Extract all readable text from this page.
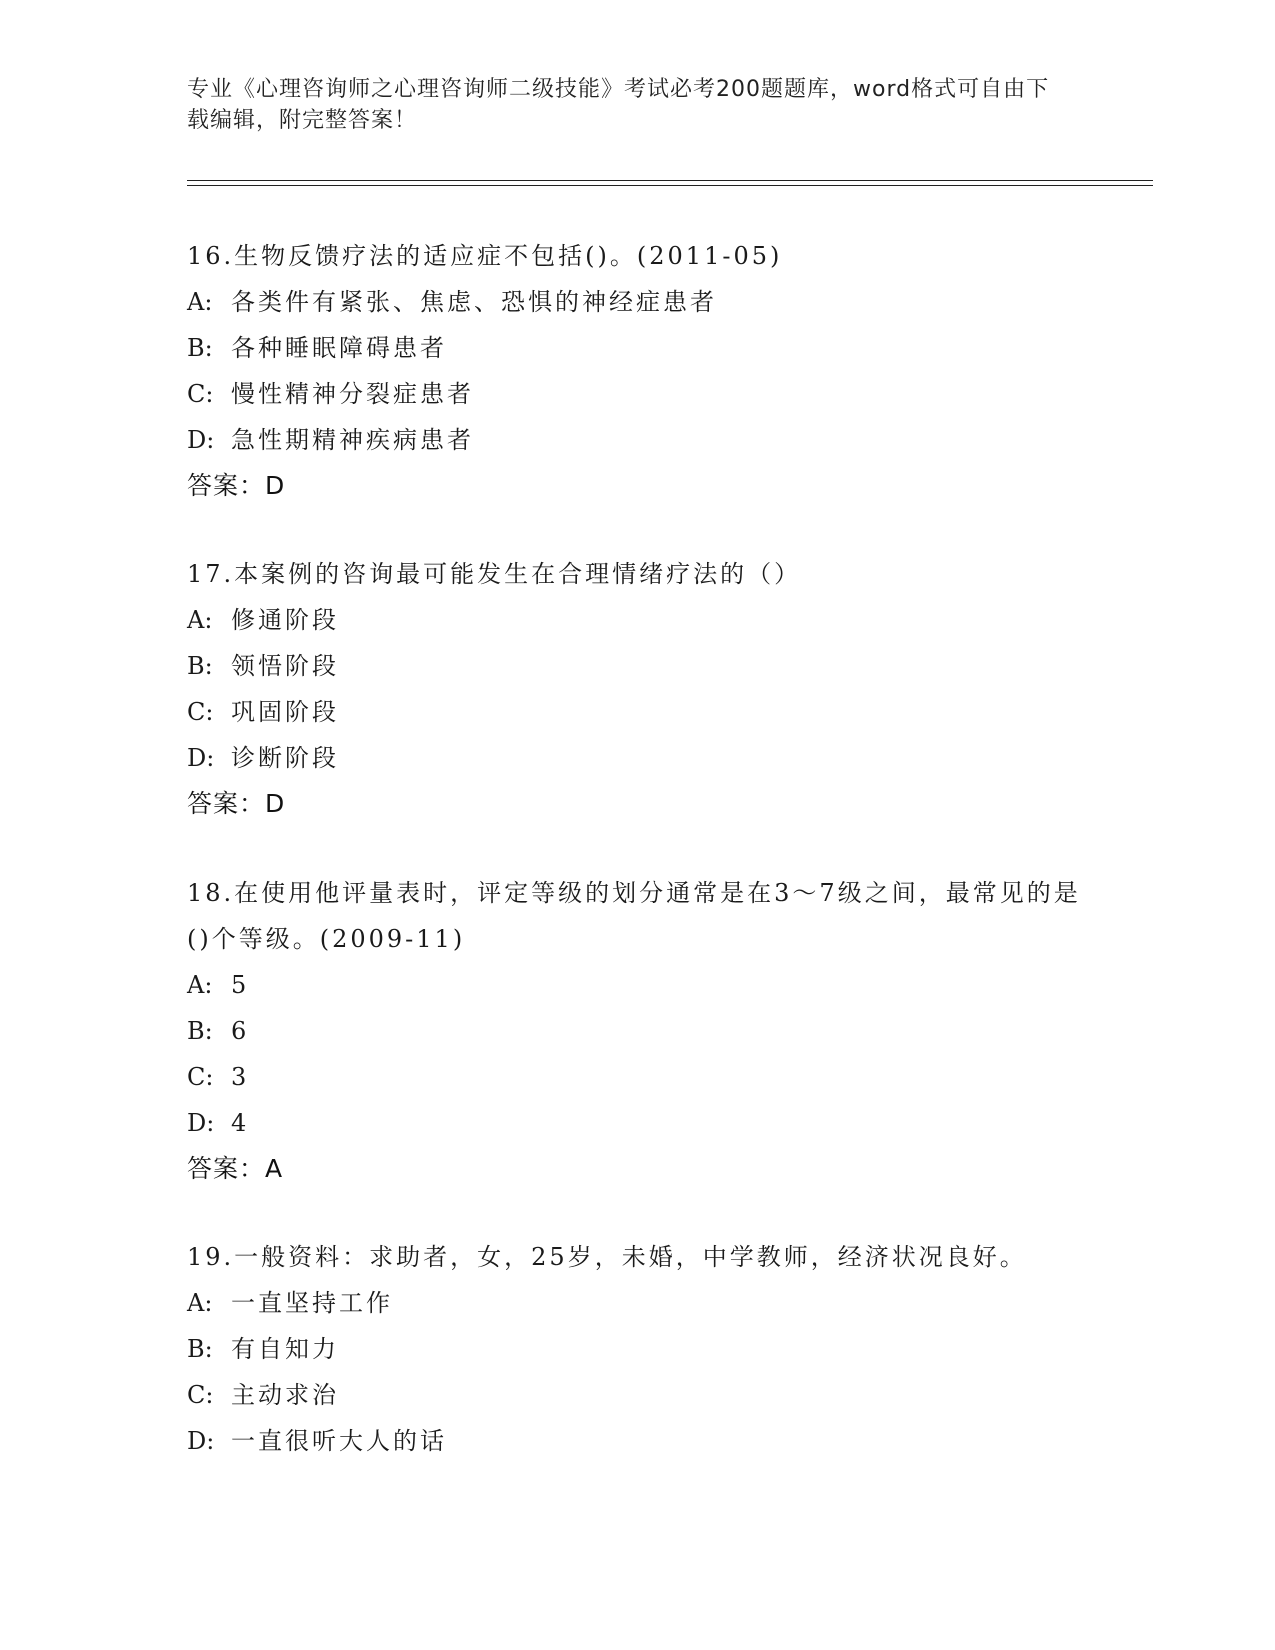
专业《心理咨询师之心理咨询师二级技能》考试必考200题题库，word格式可自由下载编辑，附完整答案！

16.生物反馈疗法的适应症不包括()。(2011-05)

A: 各类件有紧张、焦虑、恐惧的神经症患者

B: 各种睡眠障碍患者

C: 慢性精神分裂症患者

D: 急性期精神疾病患者

答案：D

17.本案例的咨询最可能发生在合理情绪疗法的（）

A: 修通阶段

B: 领悟阶段

C: 巩固阶段

D: 诊断阶段

答案：D

18.在使用他评量表时，评定等级的划分通常是在3～7级之间，最常见的是()个等级。(2009-11)

A: 5

B: 6

C: 3

D: 4

答案：A

19.一般资料：求助者，女，25岁，未婚，中学教师，经济状况良好。

A: 一直坚持工作

B: 有自知力

C: 主动求治

D: 一直很听大人的话
